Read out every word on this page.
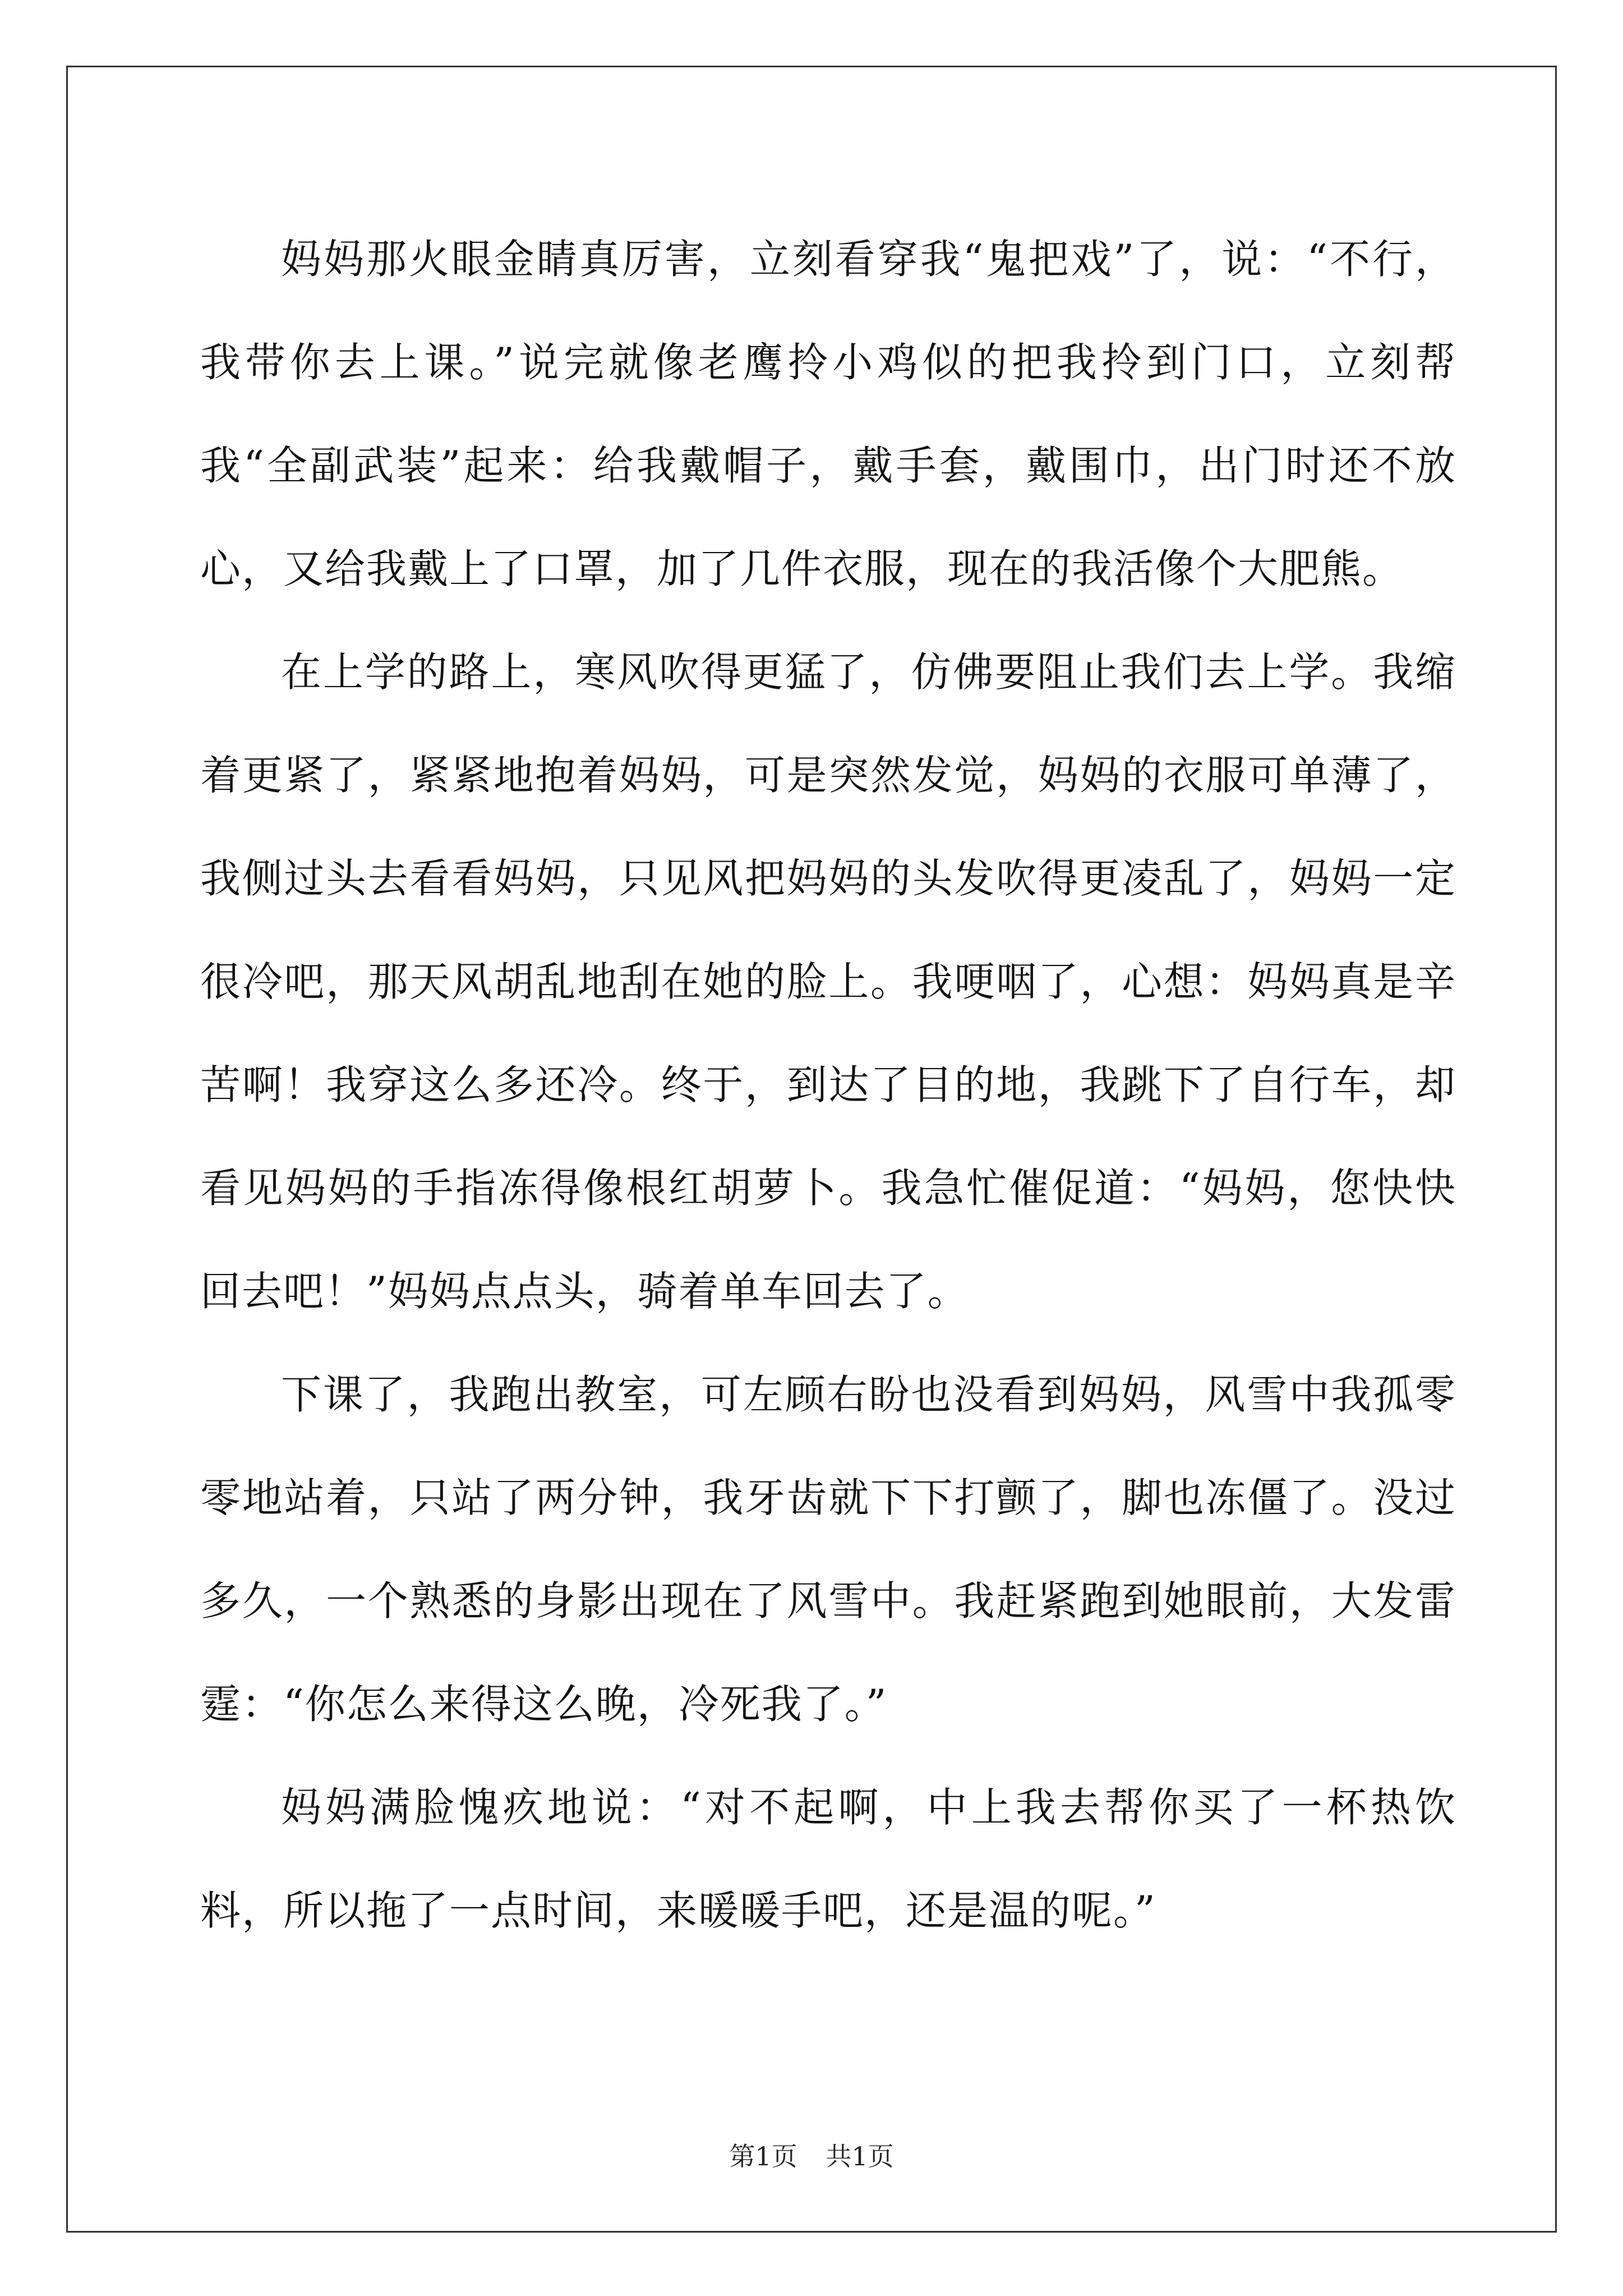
妈妈那火眼金睛真厉害，立刻看穿我“鬼把戏”了，说：“不行，我带你去上课。”说完就像老鹰拎小鸡似的把我拎到门口，立刻帮我“全副武装”起来：给我戴帽子，戴手套，戴围巾，出门时还不放心，又给我戴上了口罩，加了几件衣服，现在的我活像个大肥熊。

在上学的路上，寒风吹得更猛了，仿佛要阻止我们去上学。我缩着更紧了，紧紧地抱着妈妈，可是突然发觉，妈妈的衣服可单薄了，我侧过头去看看妈妈，只见风把妈妈的头发吹得更凌乱了，妈妈一定很冷吧，那天风胡乱地刮在她的脸上。我哽咽了，心想：妈妈真是辛苦啊！我穿这么多还冷。终于，到达了目的地，我跳下了自行车，却看见妈妈的手指冻得像根红胡萝卜。我急忙催促道：“妈妈，您快快回去吧！”妈妈点点头，骑着单车回去了。

下课了，我跑出教室，可左顾右盼也没看到妈妈，风雪中我孤零零地站着，只站了两分钟，我牙齿就下下打颤了，脚也冻僵了。没过多久，一个熟悉的身影出现在了风雪中。我赶紧跑到她眼前，大发雷霆：“你怎么来得这么晚，冷死我了。”

妈妈满脸愧疚地说：“对不起啊，中上我去帮你买了一杯热饮料，所以拖了一点时间，来暖暖手吧，还是温的呢。”

第1页 共1页
